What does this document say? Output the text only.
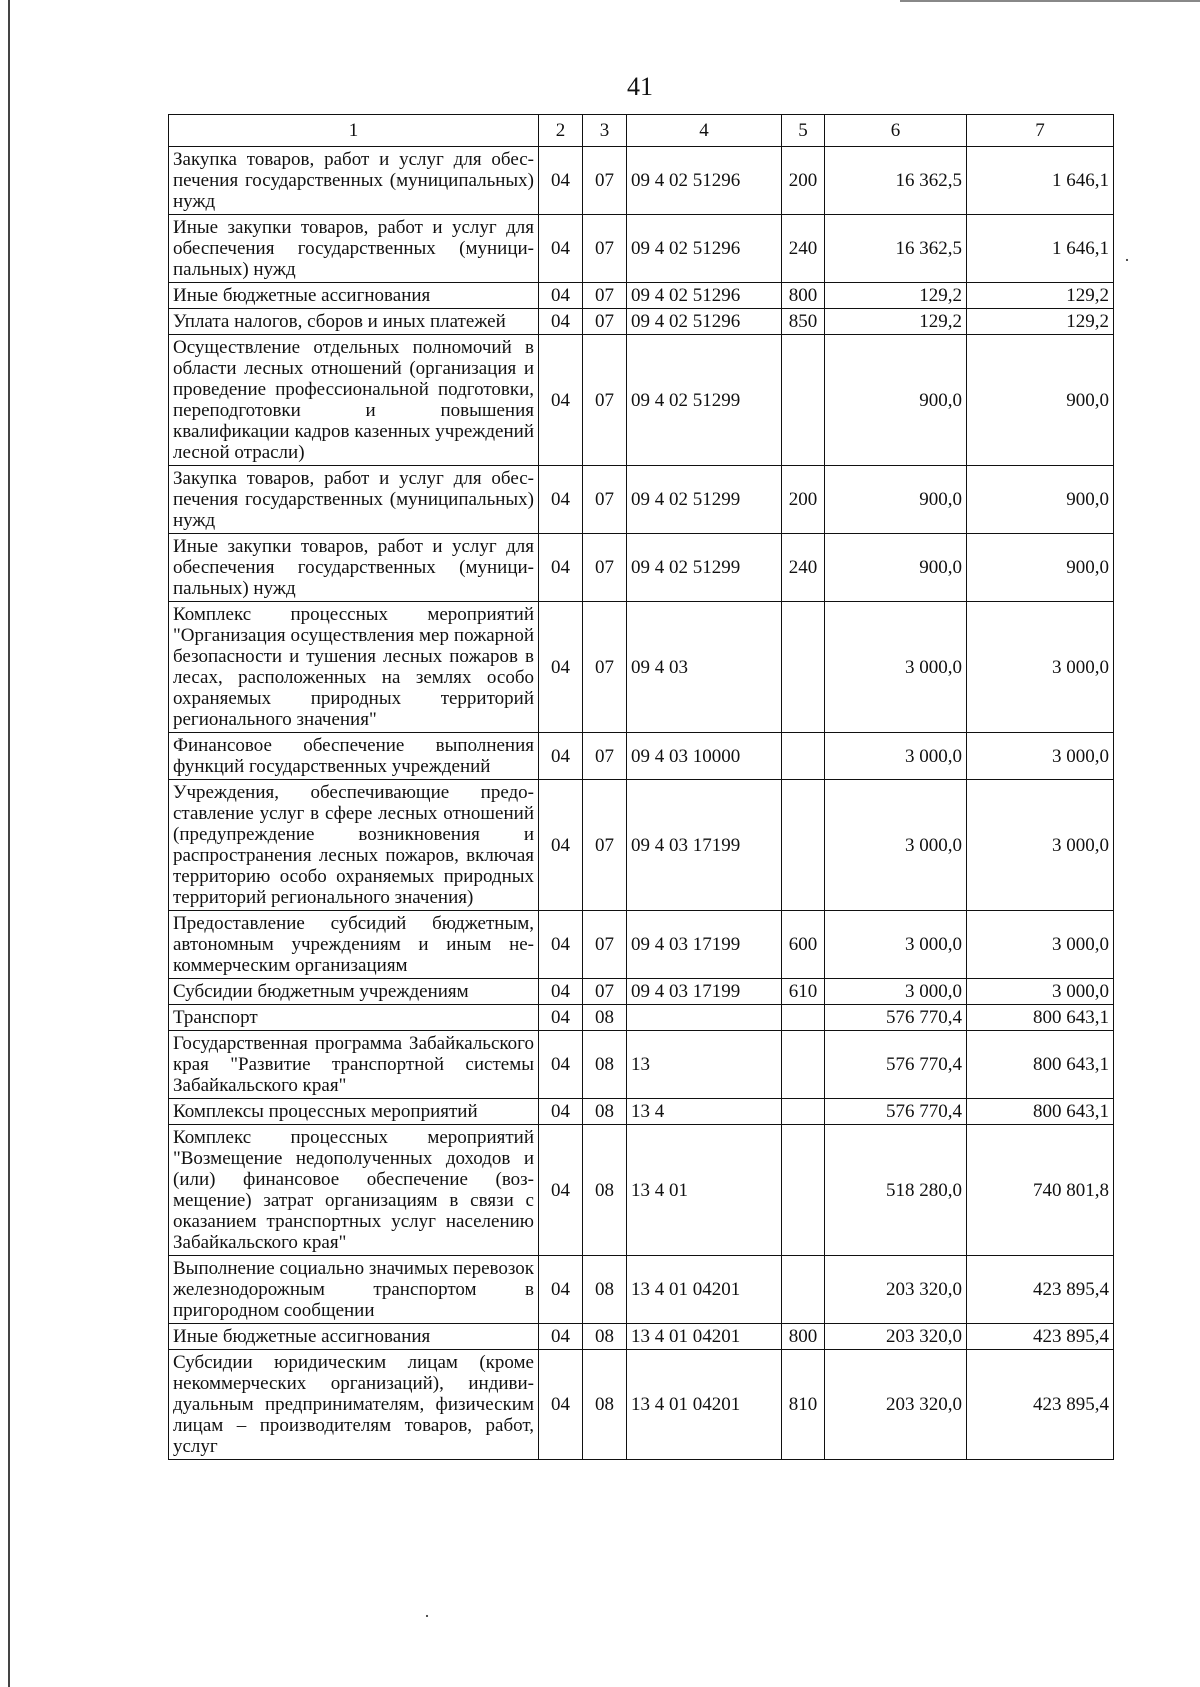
41
1	2	3	4	5	6	7
Закупка товаров, работ и услуг для обеспечения государственных (муниципальных) нужд	04	07	09 4 02 51296	200	16 362,5	1 646,1
Иные закупки товаров, работ и услуг для обеспечения государственных (муниципальных) нужд	04	07	09 4 02 51296	240	16 362,5	1 646,1
Иные бюджетные ассигнования	04	07	09 4 02 51296	800	129,2	129,2
Уплата налогов, сборов и иных платежей	04	07	09 4 02 51296	850	129,2	129,2
Осуществление отдельных полномочий в области лесных отношений (организация и проведение профессиональной подготовки, переподготовки и повышения квалификации кадров казенных учреждений лесной отрасли)	04	07	09 4 02 51299		900,0	900,0
Закупка товаров, работ и услуг для обеспечения государственных (муниципальных) нужд	04	07	09 4 02 51299	200	900,0	900,0
Иные закупки товаров, работ и услуг для обеспечения государственных (муниципальных) нужд	04	07	09 4 02 51299	240	900,0	900,0
Комплекс процессных мероприятий "Организация осуществления мер пожарной безопасности и тушения лесных пожаров в лесах, расположенных на землях особо охраняемых природных территорий регионального значения"	04	07	09 4 03		3 000,0	3 000,0
Финансовое обеспечение выполнения функций государственных учреждений	04	07	09 4 03 10000		3 000,0	3 000,0
Учреждения, обеспечивающие предоставление услуг в сфере лесных отношений (предупреждение возникновения и распространения лесных пожаров, включая территорию особо охраняемых природных территорий регионального значения)	04	07	09 4 03 17199		3 000,0	3 000,0
Предоставление субсидий бюджетным, автономным учреждениям и иным некоммерческим организациям	04	07	09 4 03 17199	600	3 000,0	3 000,0
Субсидии бюджетным учреждениям	04	07	09 4 03 17199	610	3 000,0	3 000,0
Транспорт	04	08			576 770,4	800 643,1
Государственная программа Забайкальского края "Развитие транспортной системы Забайкальского края"	04	08	13		576 770,4	800 643,1
Комплексы процессных мероприятий	04	08	13 4		576 770,4	800 643,1
Комплекс процессных мероприятий "Возмещение недополученных доходов и (или) финансовое обеспечение (возмещение) затрат организациям в связи с оказанием транспортных услуг населению Забайкальского края"	04	08	13 4 01		518 280,0	740 801,8
Выполнение социально значимых перевозок железнодорожным транспортом в пригородном сообщении	04	08	13 4 01 04201		203 320,0	423 895,4
Иные бюджетные ассигнования	04	08	13 4 01 04201	800	203 320,0	423 895,4
Субсидии юридическим лицам (кроме некоммерческих организаций), индивидуальным предпринимателям, физическим лицам – производителям товаров, работ, услуг	04	08	13 4 01 04201	810	203 320,0	423 895,4
·
·
